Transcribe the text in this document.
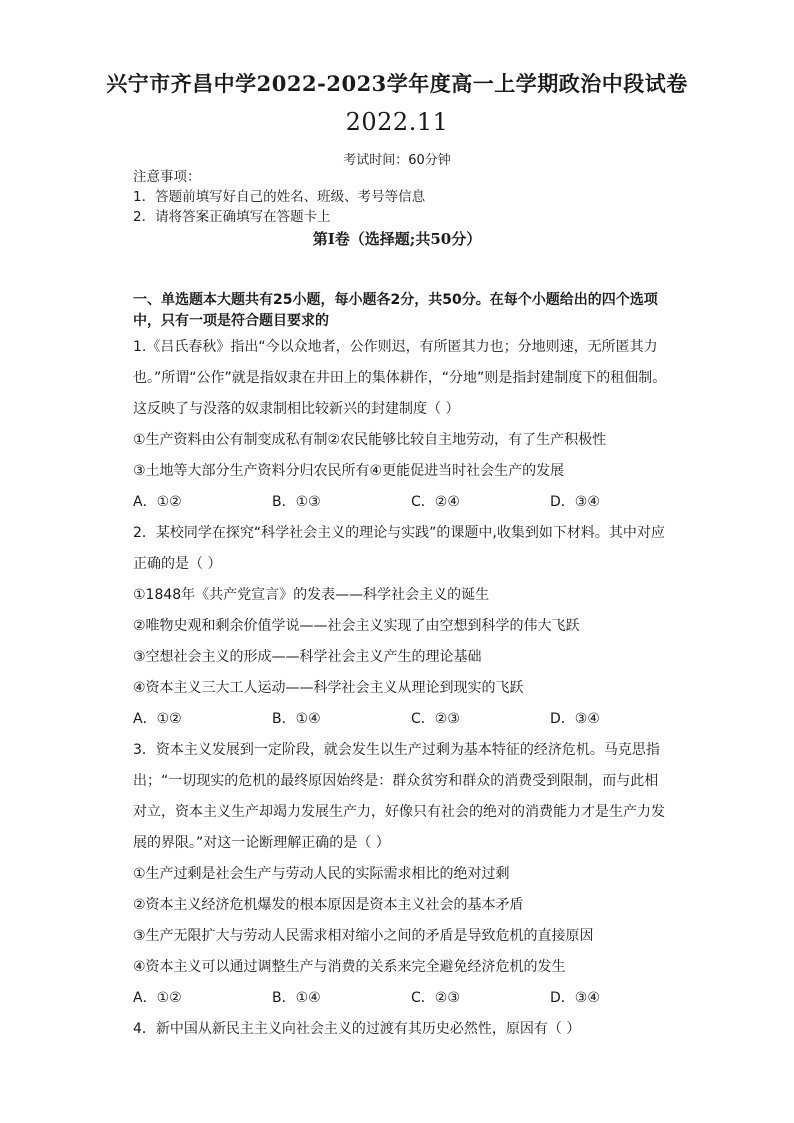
兴宁市齐昌中学2022-2023学年度高一上学期政治中段试卷
2022.11
考试时间：60分钟
注意事项：
1．答题前填写好自己的姓名、班级、考号等信息
2．请将答案正确填写在答题卡上
第I卷（选择题;共50分）
一、单选题本大题共有25小题，每小题各2分，共50分。在每个小题给出的四个选项中，只有一项是符合题目要求的
1.《吕氏春秋》指出“今以众地者，公作则迟，有所匿其力也；分地则速，无所匿其力
也。”所谓“公作”就是指奴隶在井田上的集体耕作，“分地”则是指封建制度下的租佃制。
这反映了与没落的奴隶制相比较新兴的封建制度（ ）
①生产资料由公有制变成私有制②农民能够比较自主地劳动，有了生产积极性
③土地等大部分生产资料分归农民所有④更能促进当时社会生产的发展
A．①②	B．①③	C．②④	D．③④
2．某校同学在探究“科学社会主义的理论与实践”的课题中,收集到如下材料。其中对应
正确的是（ ）
①1848年《共产党宣言》的发表——科学社会主义的诞生
②唯物史观和剩余价值学说——社会主义实现了由空想到科学的伟大飞跃
③空想社会主义的形成——科学社会主义产生的理论基础
④资本主义三大工人运动——科学社会主义从理论到现实的飞跃
A．①②	B．①④	C．②③	D．③④
3．资本主义发展到一定阶段，就会发生以生产过剩为基本特征的经济危机。马克思指
出；“一切现实的危机的最终原因始终是：群众贫穷和群众的消费受到限制，而与此相
对立，资本主义生产却竭力发展生产力，好像只有社会的绝对的消费能力才是生产力发
展的界限。”对这一论断理解正确的是（ ）
①生产过剩是社会生产与劳动人民的实际需求相比的绝对过剩
②资本主义经济危机爆发的根本原因是资本主义社会的基本矛盾
③生产无限扩大与劳动人民需求相对缩小之间的矛盾是导致危机的直接原因
④资本主义可以通过调整生产与消费的关系来完全避免经济危机的发生
A．①②	B．①④	C．②③	D．③④
4．新中国从新民主主义向社会主义的过渡有其历史必然性，原因有（ ）
